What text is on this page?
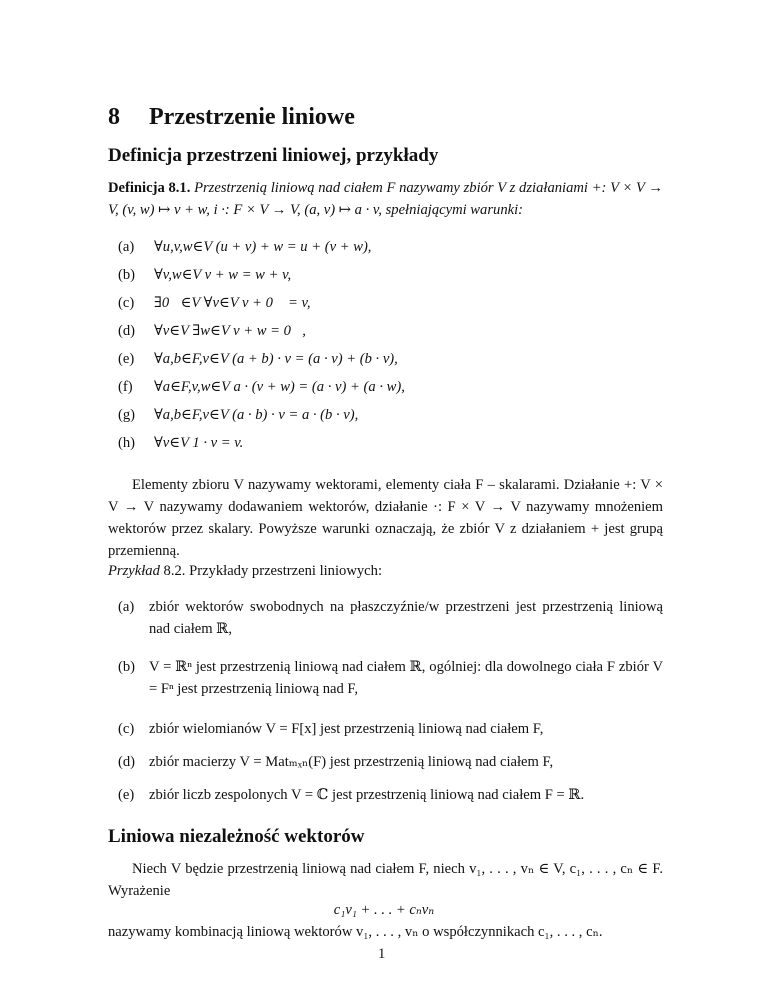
8 Przestrzenie liniowe
Definicja przestrzeni liniowej, przykłady
Definicja 8.1. Przestrzenią liniową nad ciałem F nazywamy zbiór V z działaniami +: V × V → V, (v, w) ↦ v + w, i ·: F × V → V, (a, v) ↦ a · v, spełniającymi warunki:
(a) ∀u,v,w∈V (u + v) + w = u + (v + w),
(b) ∀v,w∈V v + w = w + v,
(c) ∃0⃗∈V ∀v∈V v + 0⃗ = v,
(d) ∀v∈V ∃w∈V v + w = 0⃗,
(e) ∀a,b∈F,v∈V (a + b) · v = (a · v) + (b · v),
(f) ∀a∈F,v,w∈V a · (v + w) = (a · v) + (a · w),
(g) ∀a,b∈F,v∈V (a · b) · v = a · (b · v),
(h) ∀v∈V 1 · v = v.
Elementy zbioru V nazywamy wektorami, elementy ciała F – skalarami. Działanie +: V × V → V nazywamy dodawaniem wektorów, działanie ·: F × V → V nazywamy mnożeniem wektorów przez skalary. Powyższe warunki oznaczają, że zbiór V z działaniem + jest grupą przemienną.
Przykład 8.2. Przykłady przestrzeni liniowych:
(a) zbiór wektorów swobodnych na płaszczyźnie/w przestrzeni jest przestrzenią liniową nad ciałem ℝ,
(b) V = ℝⁿ jest przestrzenią liniową nad ciałem ℝ, ogólniej: dla dowolnego ciała F zbiór V = Fⁿ jest przestrzenią liniową nad F,
(c) zbiór wielomianów V = F[x] jest przestrzenią liniową nad ciałem F,
(d) zbiór macierzy V = Matₘₓₙ(F) jest przestrzenią liniową nad ciałem F,
(e) zbiór liczb zespolonych V = ℂ jest przestrzenią liniową nad ciałem F = ℝ.
Liniowa niezależność wektorów
Niech V będzie przestrzenią liniową nad ciałem F, niech v₁, . . . , vₙ ∈ V, c₁, . . . , cₙ ∈ F. Wyrażenie
c₁v₁ + . . . + cₙvₙ
nazywamy kombinacją liniową wektorów v₁, . . . , vₙ o współczynnikach c₁, . . . , cₙ.
1
